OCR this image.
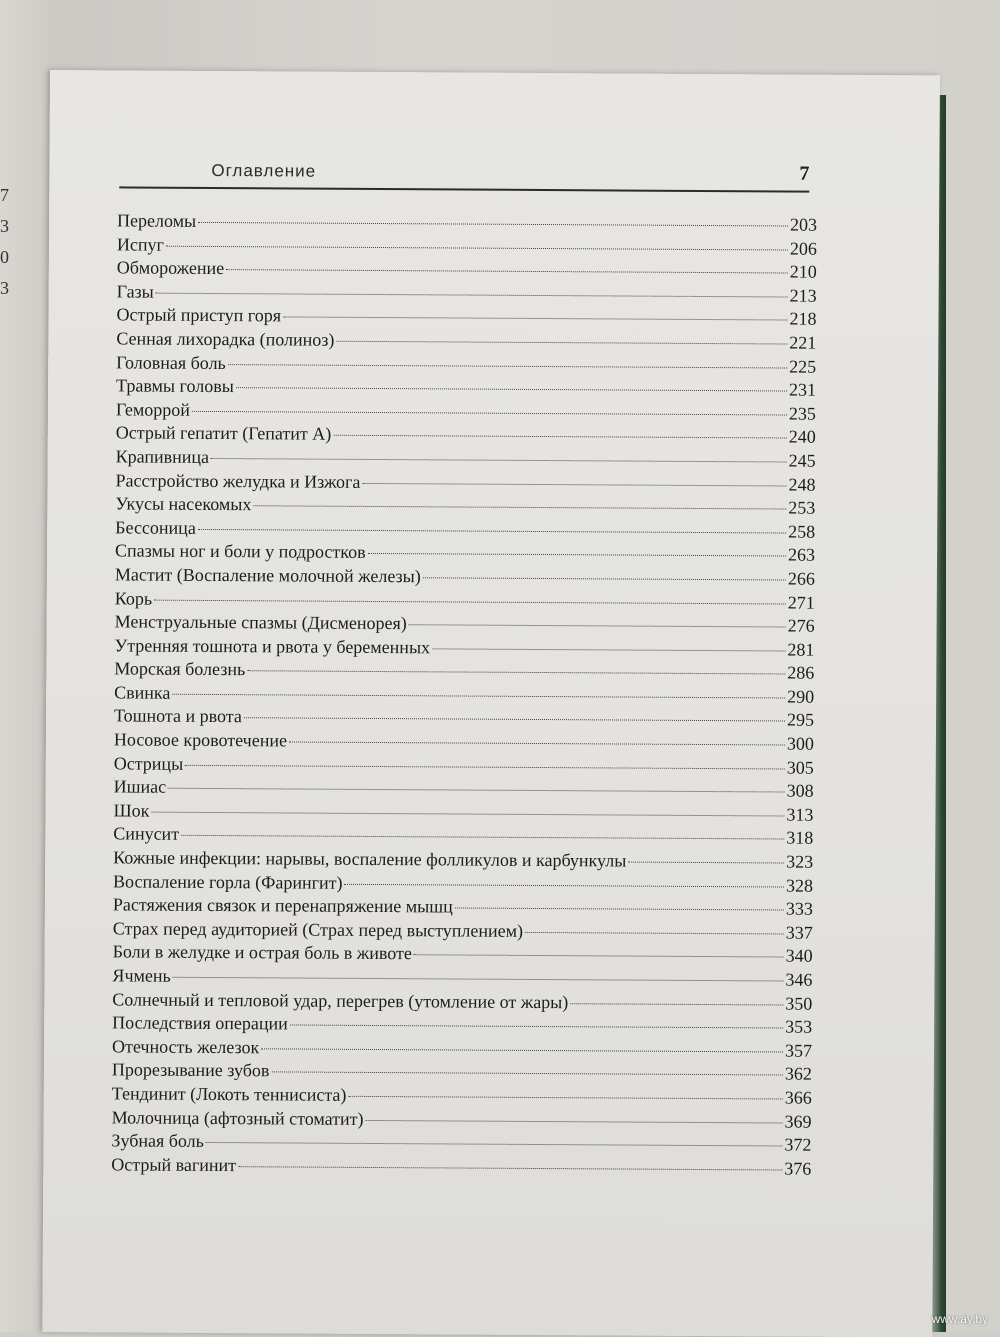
7
3
0
3
Оглавление	7
Переломы	203
Испуг	206
Обморожение	210
Газы	213
Острый приступ горя	218
Сенная лихорадка (полиноз)	221
Головная боль	225
Травмы головы	231
Геморрой	235
Острый гепатит (Гепатит А)	240
Крапивница	245
Расстройство желудка и Изжога	248
Укусы насекомых	253
Бессоница	258
Спазмы ног и боли у подростков	263
Мастит (Воспаление молочной железы)	266
Корь	271
Менструальные спазмы (Дисменорея)	276
Утренняя тошнота и рвота у беременных	281
Морская болезнь	286
Свинка	290
Тошнота и рвота	295
Носовое кровотечение	300
Острицы	305
Ишиас	308
Шок	313
Синусит	318
Кожные инфекции: нарывы, воспаление фолликулов и карбункулы	323
Воспаление горла (Фарингит)	328
Растяжения связок и перенапряжение мышц	333
Страх перед аудиторией (Страх перед выступлением)	337
Боли в желудке и острая боль в животе	340
Ячмень	346
Солнечный и тепловой удар, перегрев (утомление от жары)	350
Последствия операции	353
Отечность железок	357
Прорезывание зубов	362
Тендинит (Локоть теннисиста)	366
Молочница (афтозный стоматит)	369
Зубная боль	372
Острый вагинит	376
www.ay.by
